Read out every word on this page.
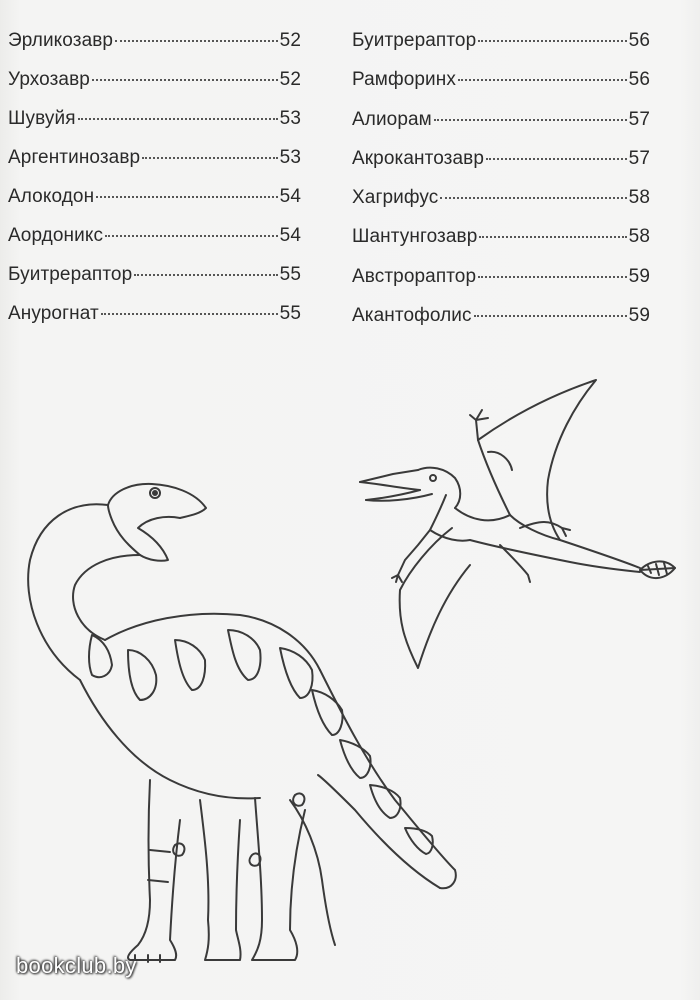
Эрликозавр	52
Урхозавр	52
Шувуйя	53
Аргентинозавр	53
Алокодон	54
Аордоникс	54
Буитрераптор	55
Анурогнат	55
Буитрераптор	56
Рамфоринх	56
Алиорам	57
Акрокантозавр	57
Хагрифус	58
Шантунгозавр	58
Австрораптор	59
Акантофолис	59
bookclub.by
